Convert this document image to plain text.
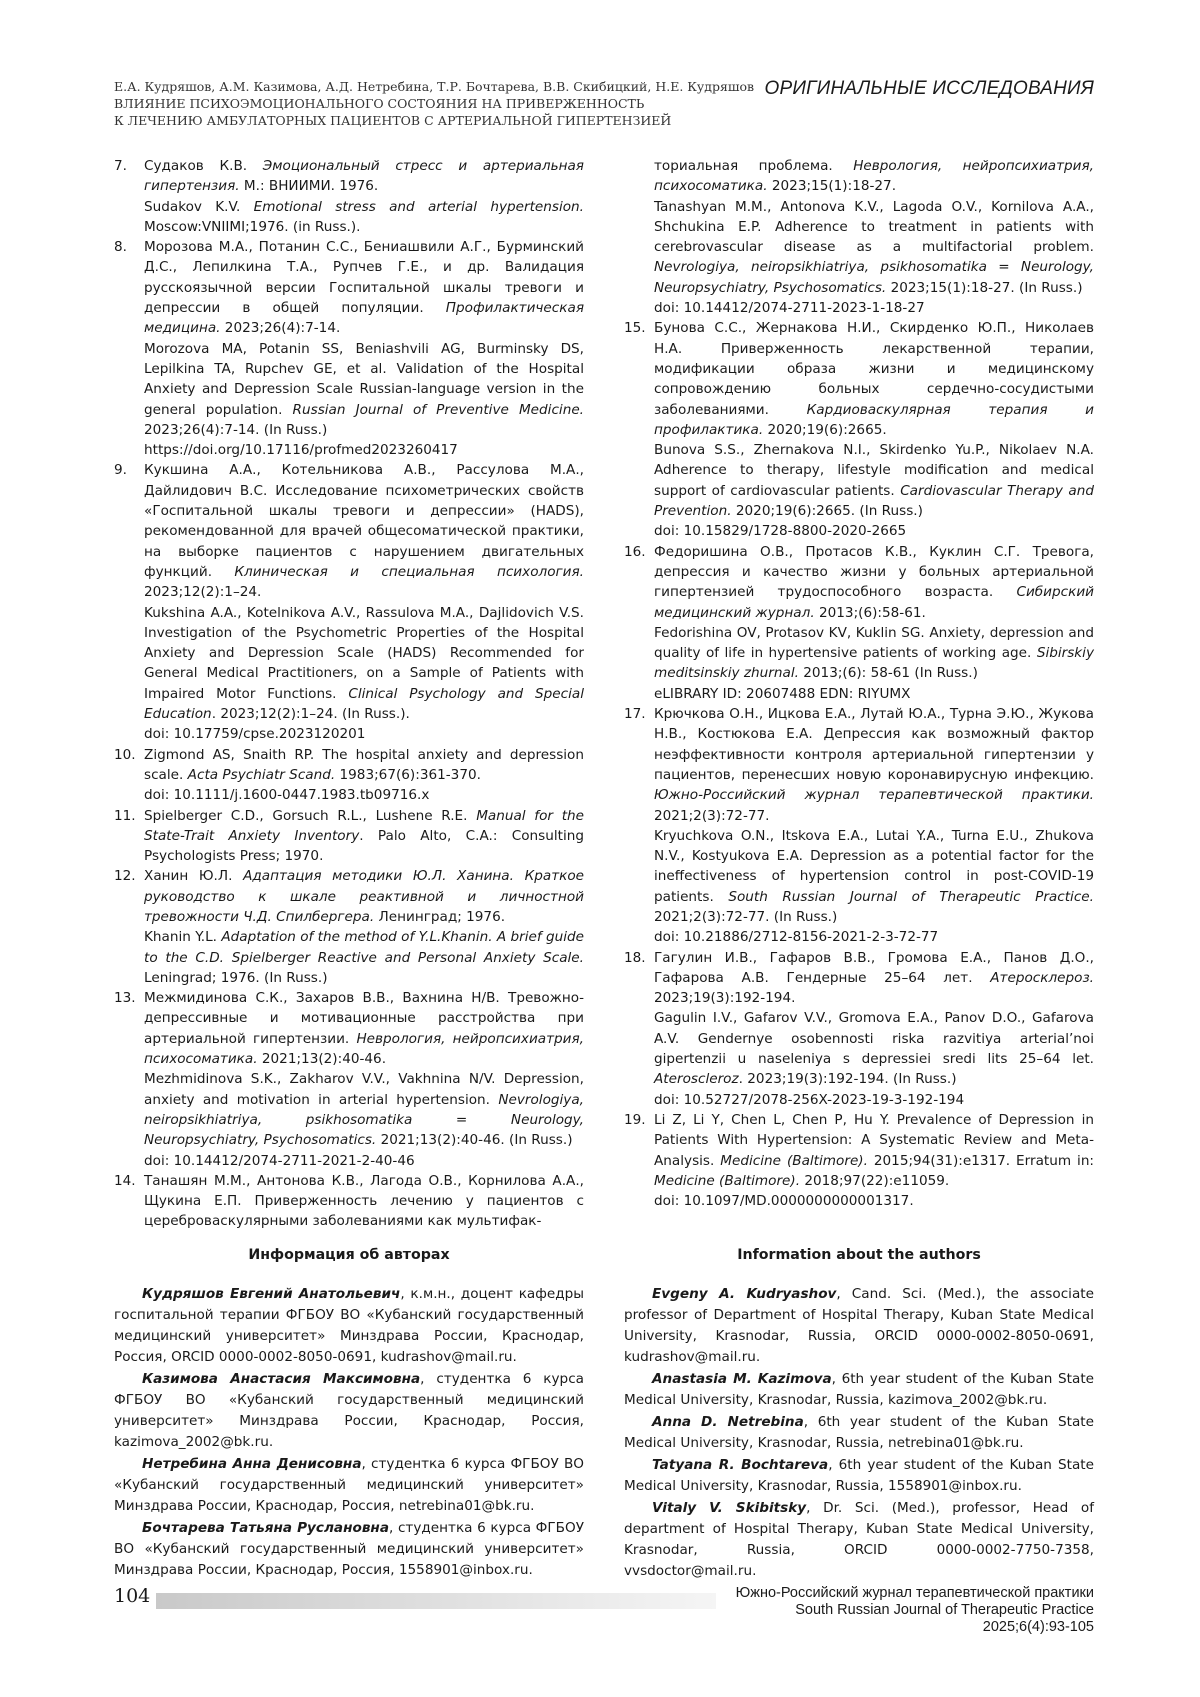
Е.А. Кудряшов, А.М. Казимова, А.Д. Нетребина, Т.Р. Бочтарева, В.В. Скибицкий, Н.Е. Кудряшов
ВЛИЯНИЕ ПСИХОЭМОЦИОНАЛЬНОГО СОСТОЯНИЯ НА ПРИВЕРЖЕННОСТЬ
К ЛЕЧЕНИЮ АМБУЛАТОРНЫХ ПАЦИЕНТОВ С АРТЕРИАЛЬНОЙ ГИПЕРТЕНЗИЕЙ
ОРИГИНАЛЬНЫЕ ИССЛЕДОВАНИЯ
7.	Судаков К.В. Эмоциональный стресс и артериальная гипертензия. М.: ВНИИМИ. 1976.
Sudakov K.V. Emotional stress and arterial hypertension. Moscow:VNIIMI;1976. (in Russ.).
8.	Морозова М.А., Потанин С.С., Бениашвили А.Г., Бурминский Д.С., Лепилкина Т.А., Рупчев Г.Е., и др. Валидация русскоязычной версии Госпитальной шкалы тревоги и депрессии в общей популяции. Профилактическая медицина. 2023;26(4):7-14.
Morozova MA, Potanin SS, Beniashvili AG, Burminsky DS, Lepilkina TA, Rupchev GE, et al. Validation of the Hospital Anxiety and Depression Scale Russian-language version in the general population. Russian Journal of Preventive Medicine. 2023;26(4):7-14. (In Russ.)
https://doi.org/10.17116/profmed2023260417
9.	Кукшина А.А., Котельникова А.В., Рассулова М.А., Дайлидович В.С. Исследование психометрических свойств «Госпитальной шкалы тревоги и депрессии» (HADS), рекомендованной для врачей общесоматической практики, на выборке пациентов с нарушением двигательных функций. Клиническая и специальная психология. 2023;12(2):1–24.
Kukshina A.A., Kotelnikova A.V., Rassulova M.A., Dajlidovich V.S. Investigation of the Psychometric Properties of the Hospital Anxiety and Depression Scale (HADS) Recommended for General Medical Practitioners, on a Sample of Patients with Impaired Motor Functions. Clinical Psychology and Special Education. 2023;12(2):1–24. (In Russ.).
doi: 10.17759/cpse.2023120201
10. Zigmond AS, Snaith RP. The hospital anxiety and depression scale. Acta Psychiatr Scand. 1983;67(6):361-370.
doi: 10.1111/j.1600-0447.1983.tb09716.x
11. Spielberger C.D., Gorsuch R.L., Lushene R.E. Manual for the State-Trait Anxiety Inventory. Palo Alto, C.A.: Consulting Psychologists Press; 1970.
12. Ханин Ю.Л. Адаптация методики Ю.Л. Ханина. Краткое руководство к шкале реактивной и личностной тревожности Ч.Д. Спилбергера. Ленинград; 1976.
Khanin Y.L. Adaptation of the method of Y.L.Khanin. A brief guide to the C.D. Spielberger Reactive and Personal Anxiety Scale. Leningrad; 1976. (In Russ.)
13. Межмидинова С.К., Захаров В.В., Вахнина Н/В. Тревожно-депрессивные и мотивационные расстройства при артериальной гипертензии. Неврология, нейропсихиатрия, психосоматика. 2021;13(2):40-46.
Mezhmidinova S.K., Zakharov V.V., Vakhnina N/V. Depression, anxiety and motivation in arterial hypertension. Nevrologiya, neiropsikhiatriya, psikhosomatika = Neurology, Neuropsychiatry, Psychosomatics. 2021;13(2):40-46. (In Russ.)
doi: 10.14412/2074-2711-2021-2-40-46
14. Танашян М.М., Антонова К.В., Лагода О.В., Корнилова А.А., Щукина Е.П. Приверженность лечению у пациентов с цереброваскулярными заболеваниями как мультифак-
ториальная проблема. Неврология, нейропсихиатрия, психосоматика. 2023;15(1):18-27.
Tanashyan M.M., Antonova K.V., Lagoda O.V., Kornilova A.A., Shchukina E.P. Adherence to treatment in patients with cerebrovascular disease as a multifactorial problem. Nevrologiya, neiropsikhiatriya, psikhosomatika = Neurology, Neuropsychiatry, Psychosomatics. 2023;15(1):18-27. (In Russ.)
doi: 10.14412/2074-2711-2023-1-18-27
15. Бунова С.С., Жернакова Н.И., Скирденко Ю.П., Николаев Н.А. Приверженность лекарственной терапии, модификации образа жизни и медицинскому сопровождению больных сердечно-сосудистыми заболеваниями. Кардиоваскулярная терапия и профилактика. 2020;19(6):2665.
Bunova S.S., Zhernakova N.I., Skirdenko Yu.P., Nikolaev N.A. Adherence to therapy, lifestyle modification and medical support of cardiovascular patients. Cardiovascular Therapy and Prevention. 2020;19(6):2665. (In Russ.)
doi: 10.15829/1728-8800-2020-2665
16. Федоришина О.В., Протасов К.В., Куклин С.Г. Тревога, депрессия и качество жизни у больных артериальной гипертензией трудоспособного возраста. Сибирский медицинский журнал. 2013;(6):58-61.
Fedorishina OV, Protasov KV, Kuklin SG. Anxiety, depression and quality of life in hypertensive patients of working age. Sibirskiy meditsinskiy zhurnal. 2013;(6): 58-61 (In Russ.)
eLIBRARY ID: 20607488 EDN: RIYUMX
17. Крючкова О.Н., Ицкова Е.А., Лутай Ю.А., Турна Э.Ю., Жукова Н.В., Костюкова Е.А. Депрессия как возможный фактор неэффективности контроля артериальной гипертензии у пациентов, перенесших новую коронавирусную инфекцию. Южно-Российский журнал терапевтической практики. 2021;2(3):72-77.
Kryuchkova O.N., Itskova E.A., Lutai Y.A., Turna E.U., Zhukova N.V., Kostyukova E.A. Depression as a potential factor for the ineffectiveness of hypertension control in post-COVID-19 patients. South Russian Journal of Therapeutic Practice. 2021;2(3):72-77. (In Russ.)
doi: 10.21886/2712-8156-2021-2-3-72-77
18. Гагулин И.В., Гафаров В.В., Громова Е.А., Панов Д.О., Гафарова А.В. Гендерные 25–64 лет. Атеросклероз. 2023;19(3):192-194.
Gagulin I.V., Gafarov V.V., Gromova E.A., Panov D.O., Gafarova A.V. Gendernye osobennosti riska razvitiya arterial’noi gipertenzii u naseleniya s depressiei sredi lits 25–64 let. Ateroscleroz. 2023;19(3):192-194. (In Russ.)
doi: 10.52727/2078-256X-2023-19-3-192-194
19. Li Z, Li Y, Chen L, Chen P, Hu Y. Prevalence of Depression in Patients With Hypertension: A Systematic Review and Meta-Analysis. Medicine (Baltimore). 2015;94(31):e1317. Erratum in: Medicine (Baltimore). 2018;97(22):e11059.
doi: 10.1097/MD.0000000000001317.
Информация об авторах
Кудряшов Евгений Анатольевич, к.м.н., доцент кафедры госпитальной терапии ФГБОУ ВО «Кубанский государственный медицинский университет» Минздрава России, Краснодар, Россия, ORCID 0000-0002-8050-0691, kudrashov@mail.ru.
Казимова Анастасия Максимовна, студентка 6 курса ФГБОУ ВО «Кубанский государственный медицинский университет» Минздрава России, Краснодар, Россия, kazimova_2002@bk.ru.
Нетребина Анна Денисовна, студентка 6 курса ФГБОУ ВО «Кубанский государственный медицинский университет» Минздрава России, Краснодар, Россия, netrebina01@bk.ru.
Бочтарева Татьяна Руслановна, студентка 6 курса ФГБОУ ВО «Кубанский государственный медицинский университет» Минздрава России, Краснодар, Россия, 1558901@inbox.ru.
Information about the authors
Evgeny A. Kudryashov, Cand. Sci. (Med.), the associate professor of Department of Hospital Therapy, Kuban State Medical University, Krasnodar, Russia, ORCID 0000-0002-8050-0691, kudrashov@mail.ru.
Anastasia M. Kazimova, 6th year student of the Kuban State Medical University, Krasnodar, Russia, kazimova_2002@bk.ru.
Anna D. Netrebina, 6th year student of the Kuban State Medical University, Krasnodar, Russia, netrebina01@bk.ru.
Tatyana R. Bochtareva, 6th year student of the Kuban State Medical University, Krasnodar, Russia, 1558901@inbox.ru.
Vitaly V. Skibitsky, Dr. Sci. (Med.), professor, Head of department of Hospital Therapy, Kuban State Medical University, Krasnodar, Russia, ORCID 0000-0002-7750-7358, vvsdoctor@mail.ru.
104	Южно-Российский журнал терапевтической практики
South Russian Journal of Therapeutic Practice
2025;6(4):93-105
